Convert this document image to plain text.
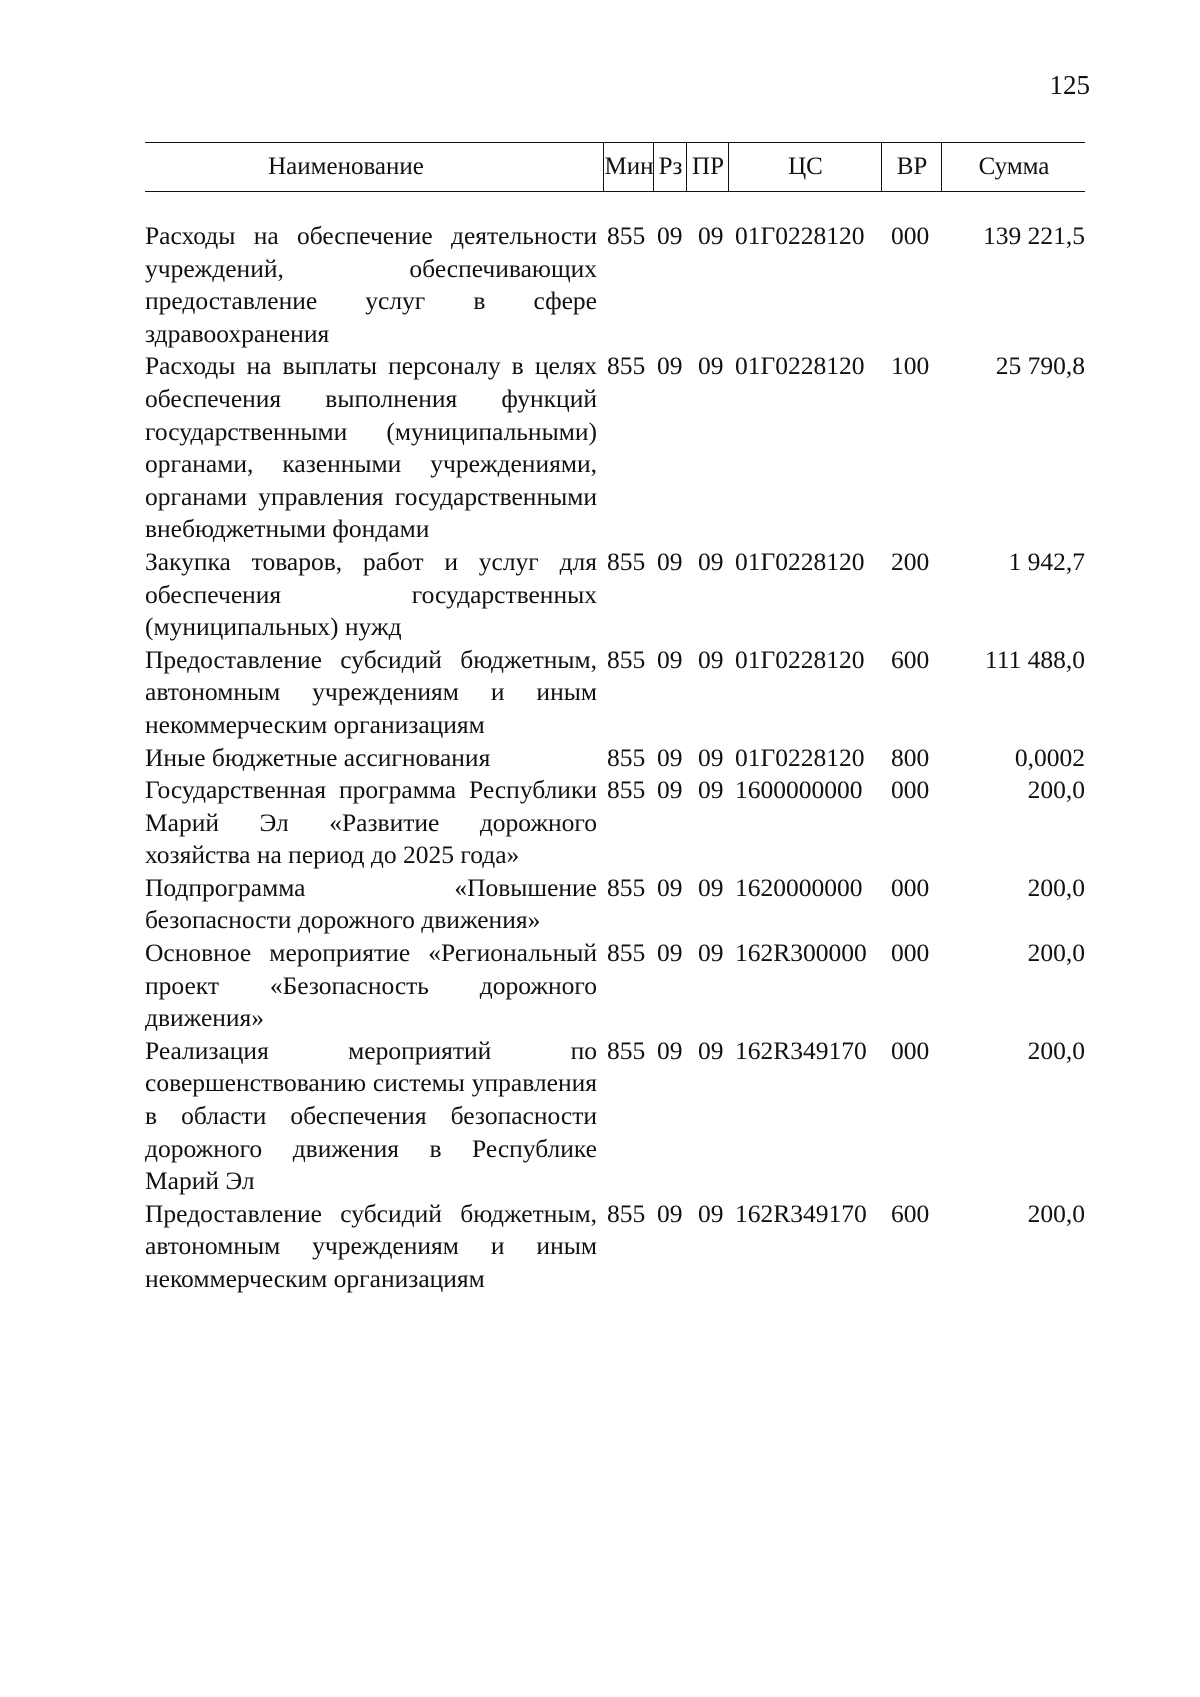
125
Наименование	Мин Рз ПР	ЦС	ВР	Сумма
Расходы на обеспечение деятельности учреждений, обеспечивающих предоставление услуг в сфере здравоохранения
855 09 09 01Г0228120 000	139 221,5
Расходы на выплаты персоналу в целях обеспечения выполнения функций государственными (муниципальными) органами, казенными учреждениями, органами управления государственными внебюджетными фондами
855 09 09 01Г0228120 100	25 790,8
Закупка товаров, работ и услуг для обеспечения государственных (муниципальных) нужд
855 09 09 01Г0228120 200	1 942,7
Предоставление субсидий бюджетным, автономным учреждениям и иным некоммерческим организациям
855 09 09 01Г0228120 600	111 488,0
Иные бюджетные ассигнования	855 09 09 01Г0228120 800	0,0002
Государственная программа Республики Марий Эл «Развитие дорожного хозяйства на период до 2025 года»
855 09 09 1600000000 000	200,0
Подпрограмма «Повышение безопасности дорожного движения»
855 09 09 1620000000 000	200,0
Основное мероприятие «Региональный проект «Безопасность дорожного движения»
855 09 09 162R300000 000	200,0
Реализация мероприятий по совершенствованию системы управления в области обеспечения безопасности дорожного движения в Республике Марий Эл
855 09 09 162R349170 000	200,0
Предоставление субсидий бюджетным, автономным учреждениям и иным некоммерческим организациям
855 09 09 162R349170 600	200,0
